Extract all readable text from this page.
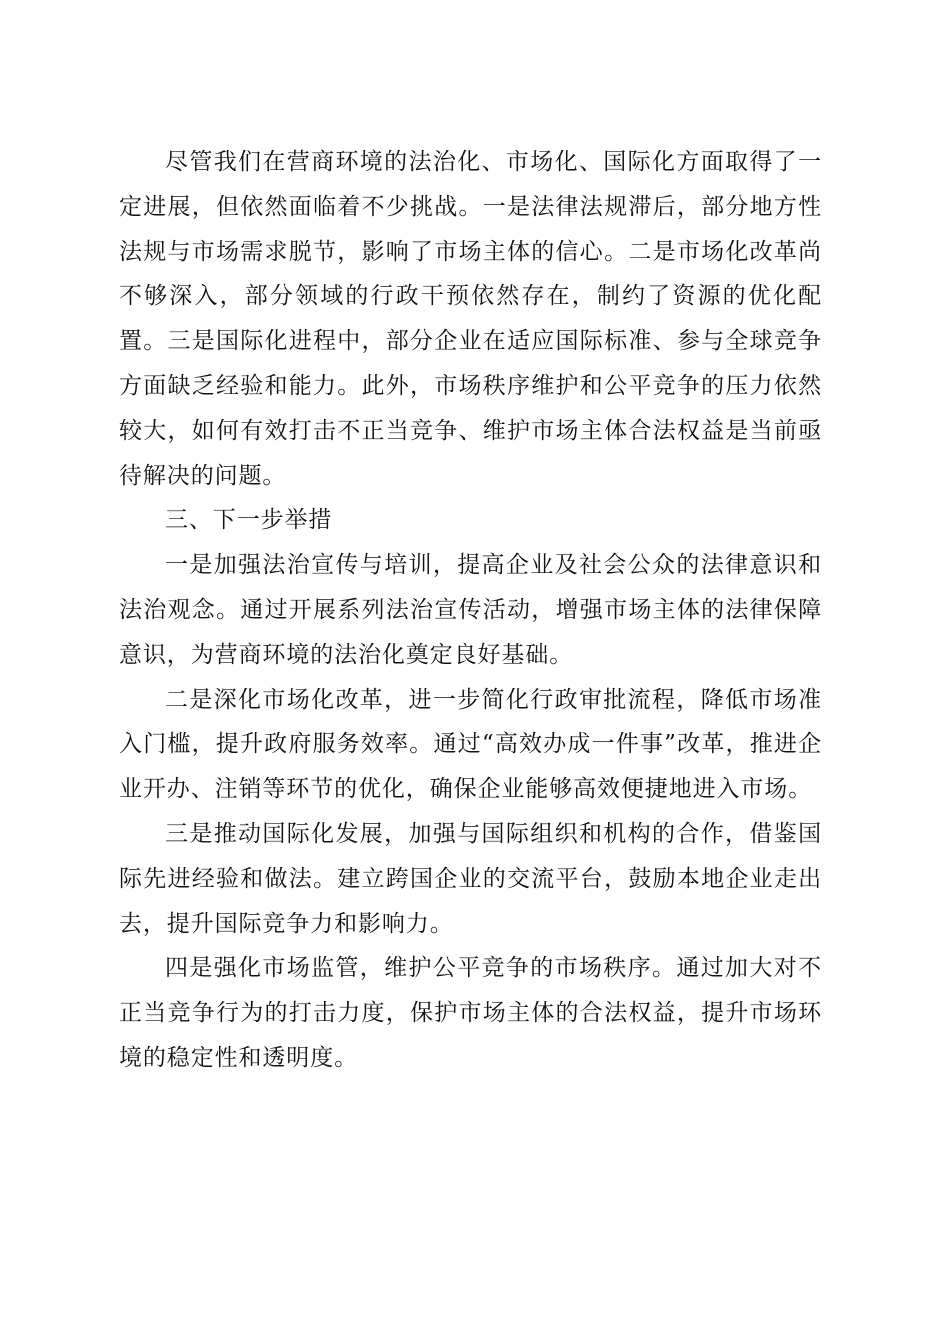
尽管我们在营商环境的法治化、市场化、国际化方面取得了一定进展，但依然面临着不少挑战。一是法律法规滞后，部分地方性法规与市场需求脱节，影响了市场主体的信心。二是市场化改革尚不够深入，部分领域的行政干预依然存在，制约了资源的优化配置。三是国际化进程中，部分企业在适应国际标准、参与全球竞争方面缺乏经验和能力。此外，市场秩序维护和公平竞争的压力依然较大，如何有效打击不正当竞争、维护市场主体合法权益是当前亟待解决的问题。

三、下一步举措

一是加强法治宣传与培训，提高企业及社会公众的法律意识和法治观念。通过开展系列法治宣传活动，增强市场主体的法律保障意识，为营商环境的法治化奠定良好基础。

二是深化市场化改革，进一步简化行政审批流程，降低市场准入门槛，提升政府服务效率。通过“高效办成一件事”改革，推进企业开办、注销等环节的优化，确保企业能够高效便捷地进入市场。

三是推动国际化发展，加强与国际组织和机构的合作，借鉴国际先进经验和做法。建立跨国企业的交流平台，鼓励本地企业走出去，提升国际竞争力和影响力。

四是强化市场监管，维护公平竞争的市场秩序。通过加大对不正当竞争行为的打击力度，保护市场主体的合法权益，提升市场环境的稳定性和透明度。
